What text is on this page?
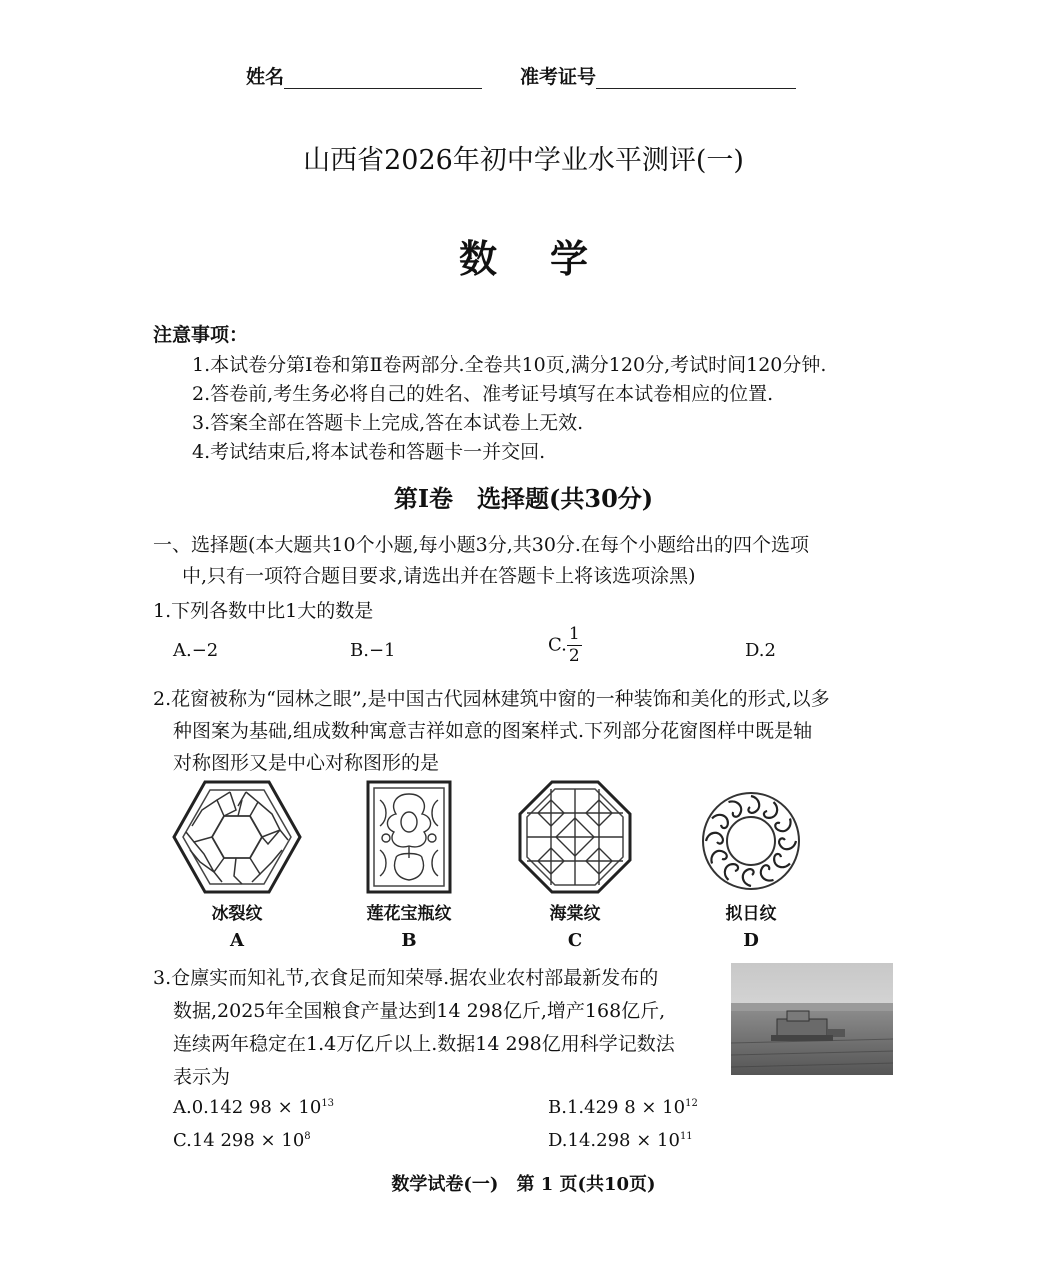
姓名	准考证号
山西省2026年初中学业水平测评(一)
数    学
注意事项：
1.本试卷分第Ⅰ卷和第Ⅱ卷两部分.全卷共10页,满分120分,考试时间120分钟.
2.答卷前,考生务必将自己的姓名、准考证号填写在本试卷相应的位置.
3.答案全部在答题卡上完成,答在本试卷上无效.
4.考试结束后,将本试卷和答题卡一并交回.
第Ⅰ卷　选择题(共30分)
一、选择题(本大题共10个小题,每小题3分,共30分.在每个小题给出的四个选项
中,只有一项符合题目要求,请选出并在答题卡上将该选项涂黑)
1.下列各数中比1大的数是
A.−2	B.−1	C. $\frac{1}{2}$	D.2
2.花窗被称为“园林之眼”,是中国古代园林建筑中窗的一种装饰和美化的形式,以多
种图案为基础,组成数种寓意吉祥如意的图案样式.下列部分花窗图样中既是轴
对称图形又是中心对称图形的是
冰裂纹
A
莲花宝瓶纹
B
海棠纹
C
拟日纹
D
3.仓廪实而知礼节,衣食足而知荣辱.据农业农村部最新发布的
数据,2025年全国粮食产量达到14 298亿斤,增产168亿斤,
连续两年稳定在1.4万亿斤以上.数据14 298亿用科学记数法
表示为
A.0.142 $98 \times 10^{13}$	B.1.429 $8 \times 10^{12}$
C.14 $298 \times 10^8$	$D.14.298 \times 10^{11}$
数学试卷(一)　第 1 页(共10页)
